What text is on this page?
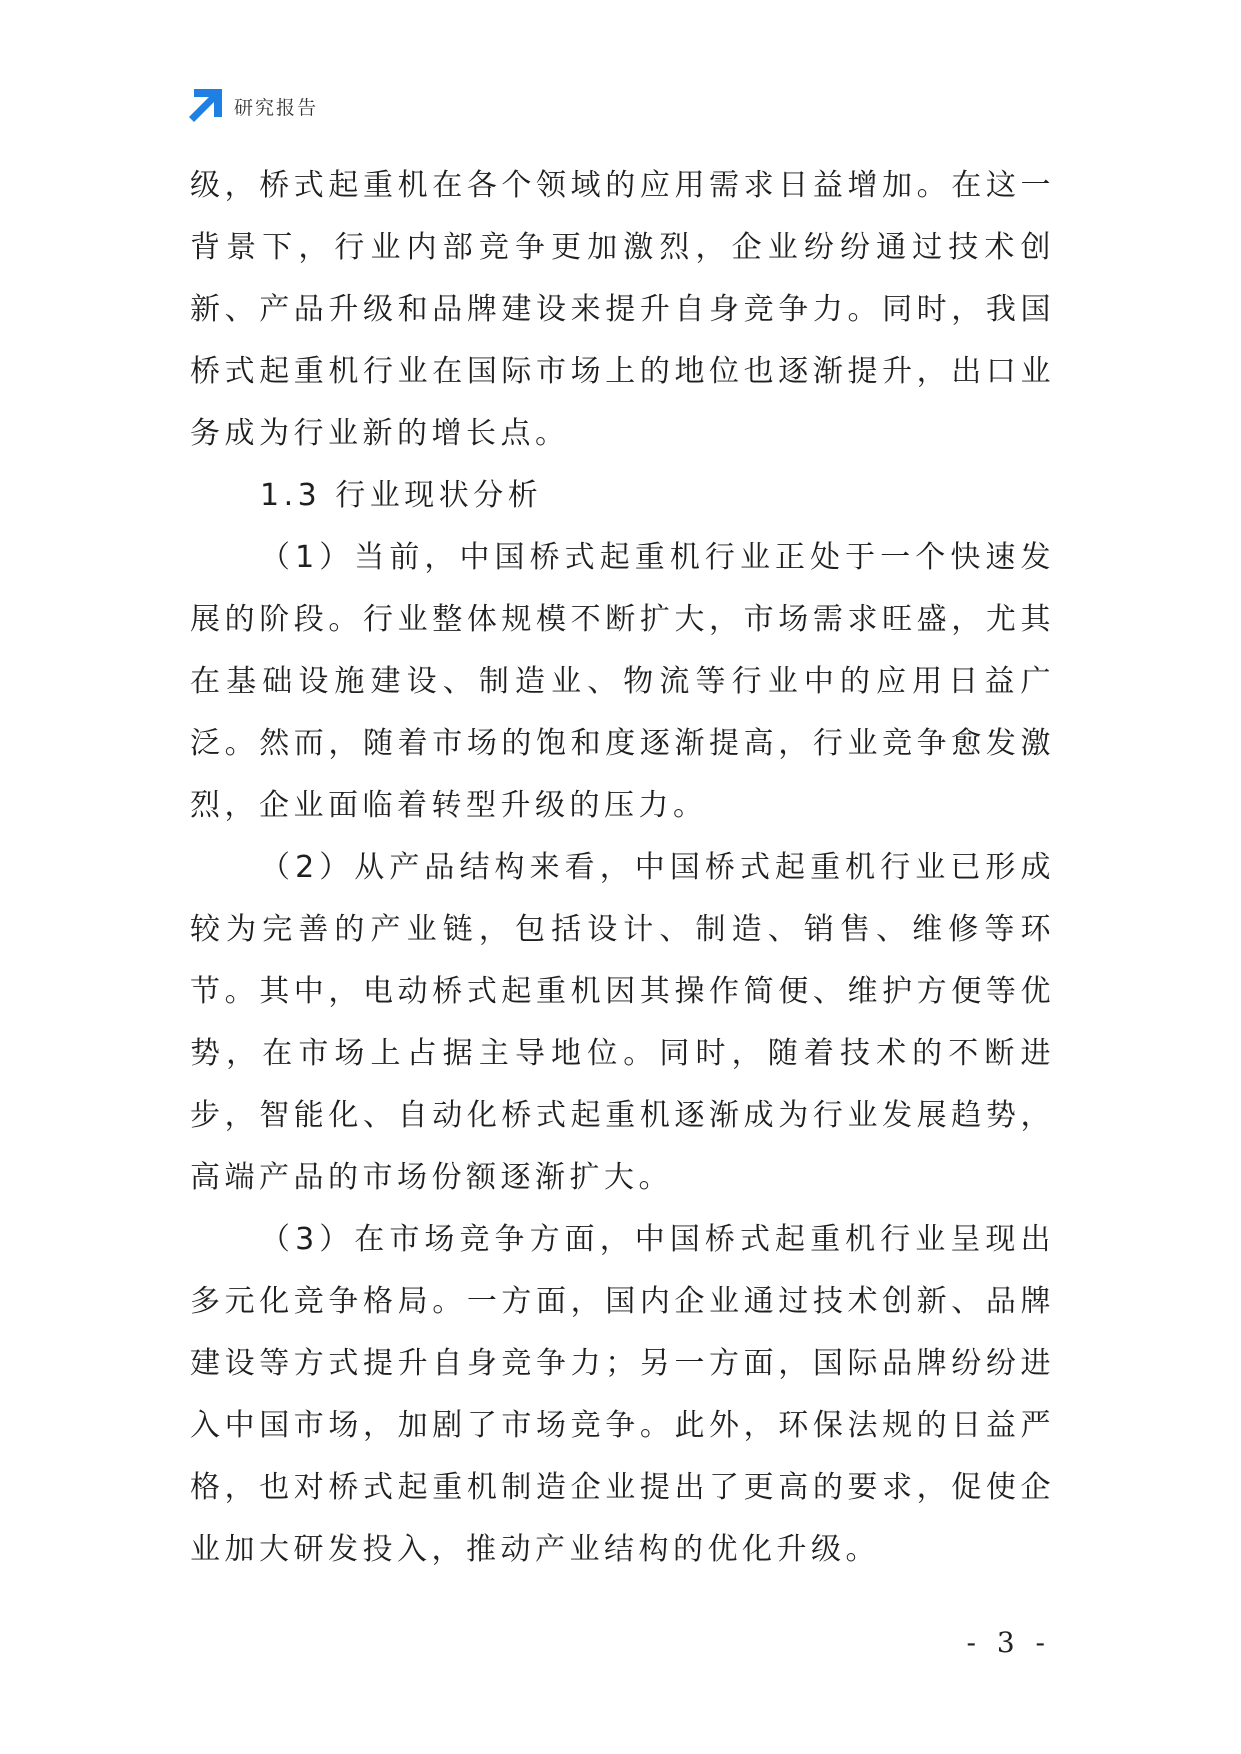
研究报告

级，桥式起重机在各个领域的应用需求日益增加。在这一背景下，行业内部竞争更加激烈，企业纷纷通过技术创新、产品升级和品牌建设来提升自身竞争力。同时，我国桥式起重机行业在国际市场上的地位也逐渐提升，出口业务成为行业新的增长点。

1.3 行业现状分析

（1）当前，中国桥式起重机行业正处于一个快速发展的阶段。行业整体规模不断扩大，市场需求旺盛，尤其在基础设施建设、制造业、物流等行业中的应用日益广泛。然而，随着市场的饱和度逐渐提高，行业竞争愈发激烈，企业面临着转型升级的压力。

（2）从产品结构来看，中国桥式起重机行业已形成较为完善的产业链，包括设计、制造、销售、维修等环节。其中，电动桥式起重机因其操作简便、维护方便等优势，在市场上占据主导地位。同时，随着技术的不断进步，智能化、自动化桥式起重机逐渐成为行业发展趋势，高端产品的市场份额逐渐扩大。

（3）在市场竞争方面，中国桥式起重机行业呈现出多元化竞争格局。一方面，国内企业通过技术创新、品牌建设等方式提升自身竞争力；另一方面，国际品牌纷纷进入中国市场，加剧了市场竞争。此外，环保法规的日益严格，也对桥式起重机制造企业提出了更高的要求，促使企业加大研发投入，推动产业结构的优化升级。

- 3 -
